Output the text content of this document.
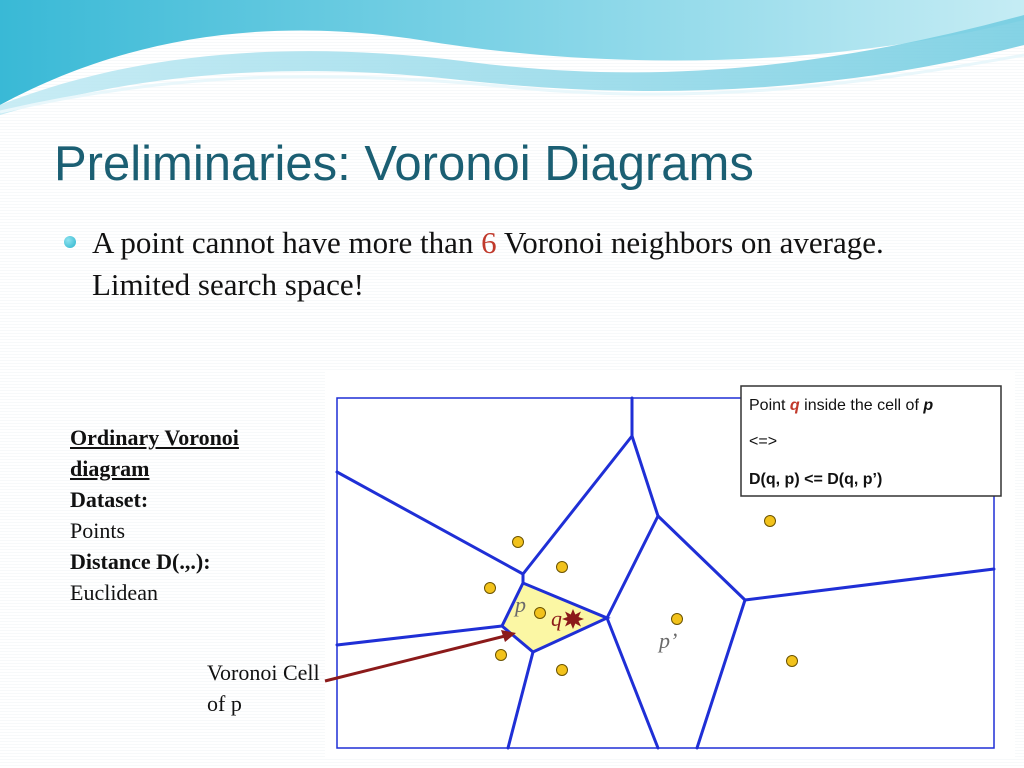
Preliminaries: Voronoi Diagrams
A point cannot have more than 6 Voronoi neighbors on average. Limited search space!
Ordinary Voronoi diagram
Dataset:
Points
Distance D(.,.):
Euclidean
Voronoi Cell of p
p
q
p’
Point q inside the cell of p
<=>
D(q, p) <= D(q, p’)
